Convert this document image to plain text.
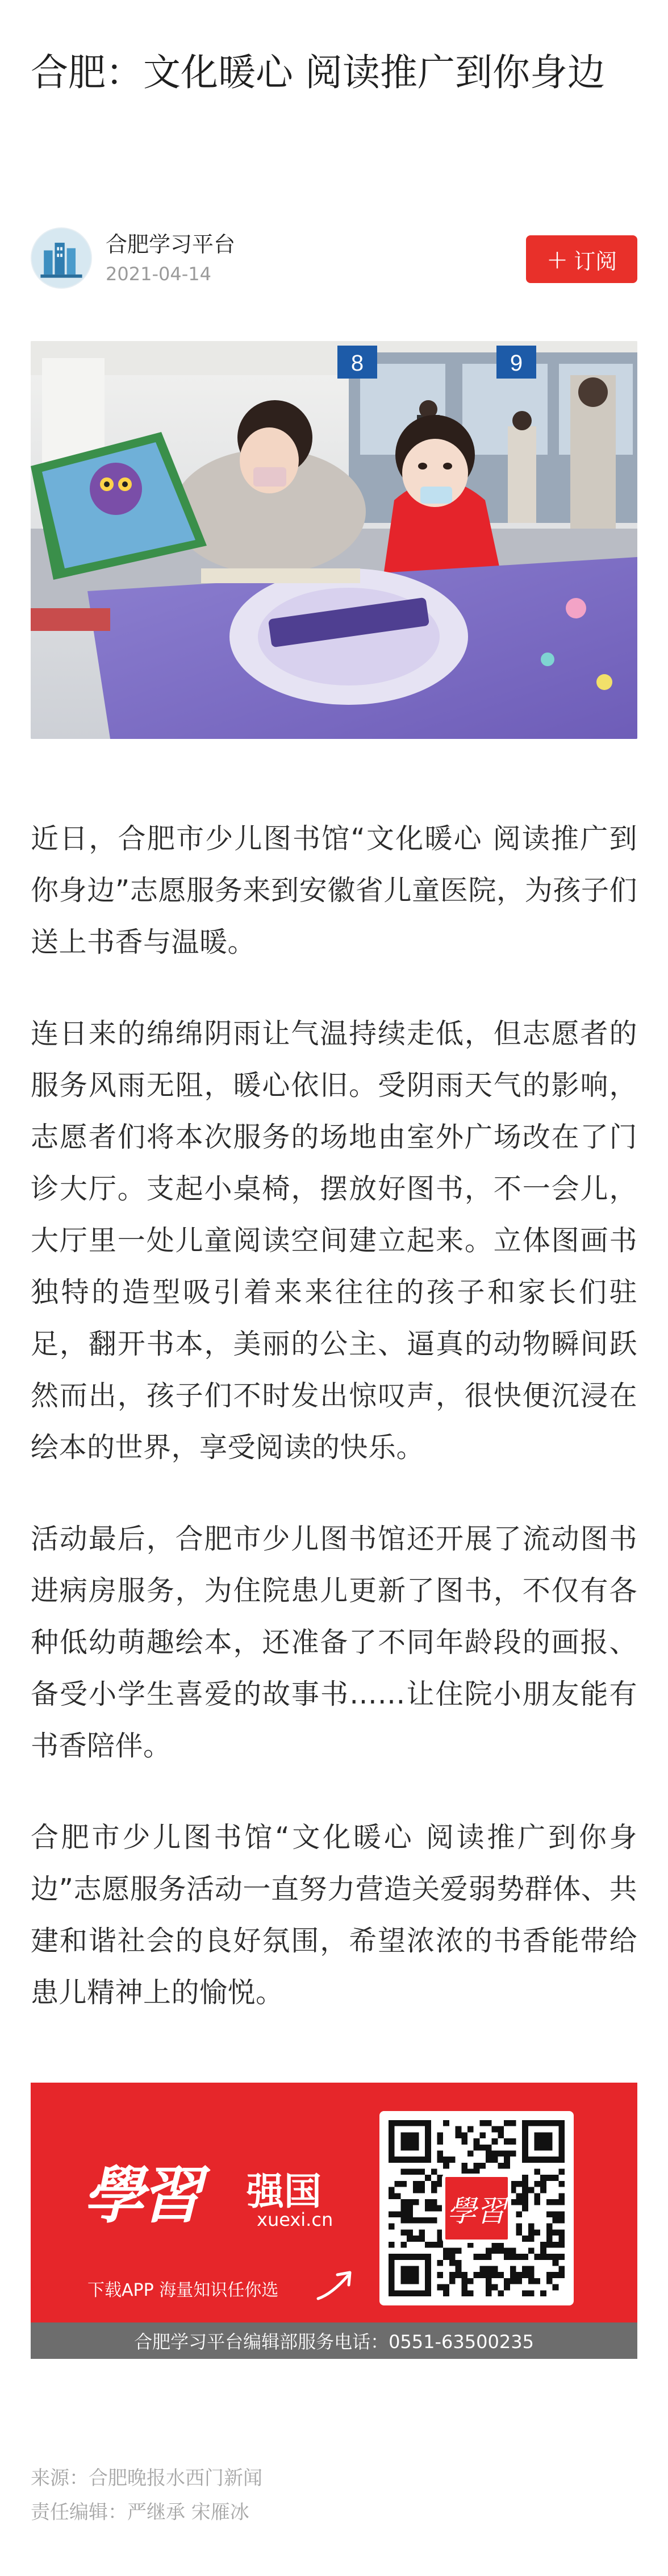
合肥：文化暖心 阅读推广到你身边
合肥学习平台
2021-04-14	+ 订阅
8	9

近日，合肥市少儿图书馆“文化暖心 阅读推广到你身边”志愿服务来到安徽省儿童医院，为孩子们送上书香与温暖。

连日来的绵绵阴雨让气温持续走低，但志愿者的服务风雨无阻，暖心依旧。受阴雨天气的影响，志愿者们将本次服务的场地由室外广场改在了门诊大厅。支起小桌椅，摆放好图书，不一会儿，大厅里一处儿童阅读空间建立起来。立体图画书独特的造型吸引着来来往往的孩子和家长们驻足，翻开书本，美丽的公主、逼真的动物瞬间跃然而出，孩子们不时发出惊叹声，很快便沉浸在绘本的世界，享受阅读的快乐。

活动最后，合肥市少儿图书馆还开展了流动图书进病房服务，为住院患儿更新了图书，不仅有各种低幼萌趣绘本，还准备了不同年龄段的画报、备受小学生喜爱的故事书……让住院小朋友能有书香陪伴。

合肥市少儿图书馆“文化暖心 阅读推广到你身边”志愿服务活动一直努力营造关爱弱势群体、共建和谐社会的良好氛围，希望浓浓的书香能带给患儿精神上的愉悦。

學習 强国
xuexi.cn
下载APP 海量知识任你选
學習
合肥学习平台编辑部服务电话：0551-63500235
来源：合肥晚报水西门新闻
责任编辑：严继承 宋雁冰
